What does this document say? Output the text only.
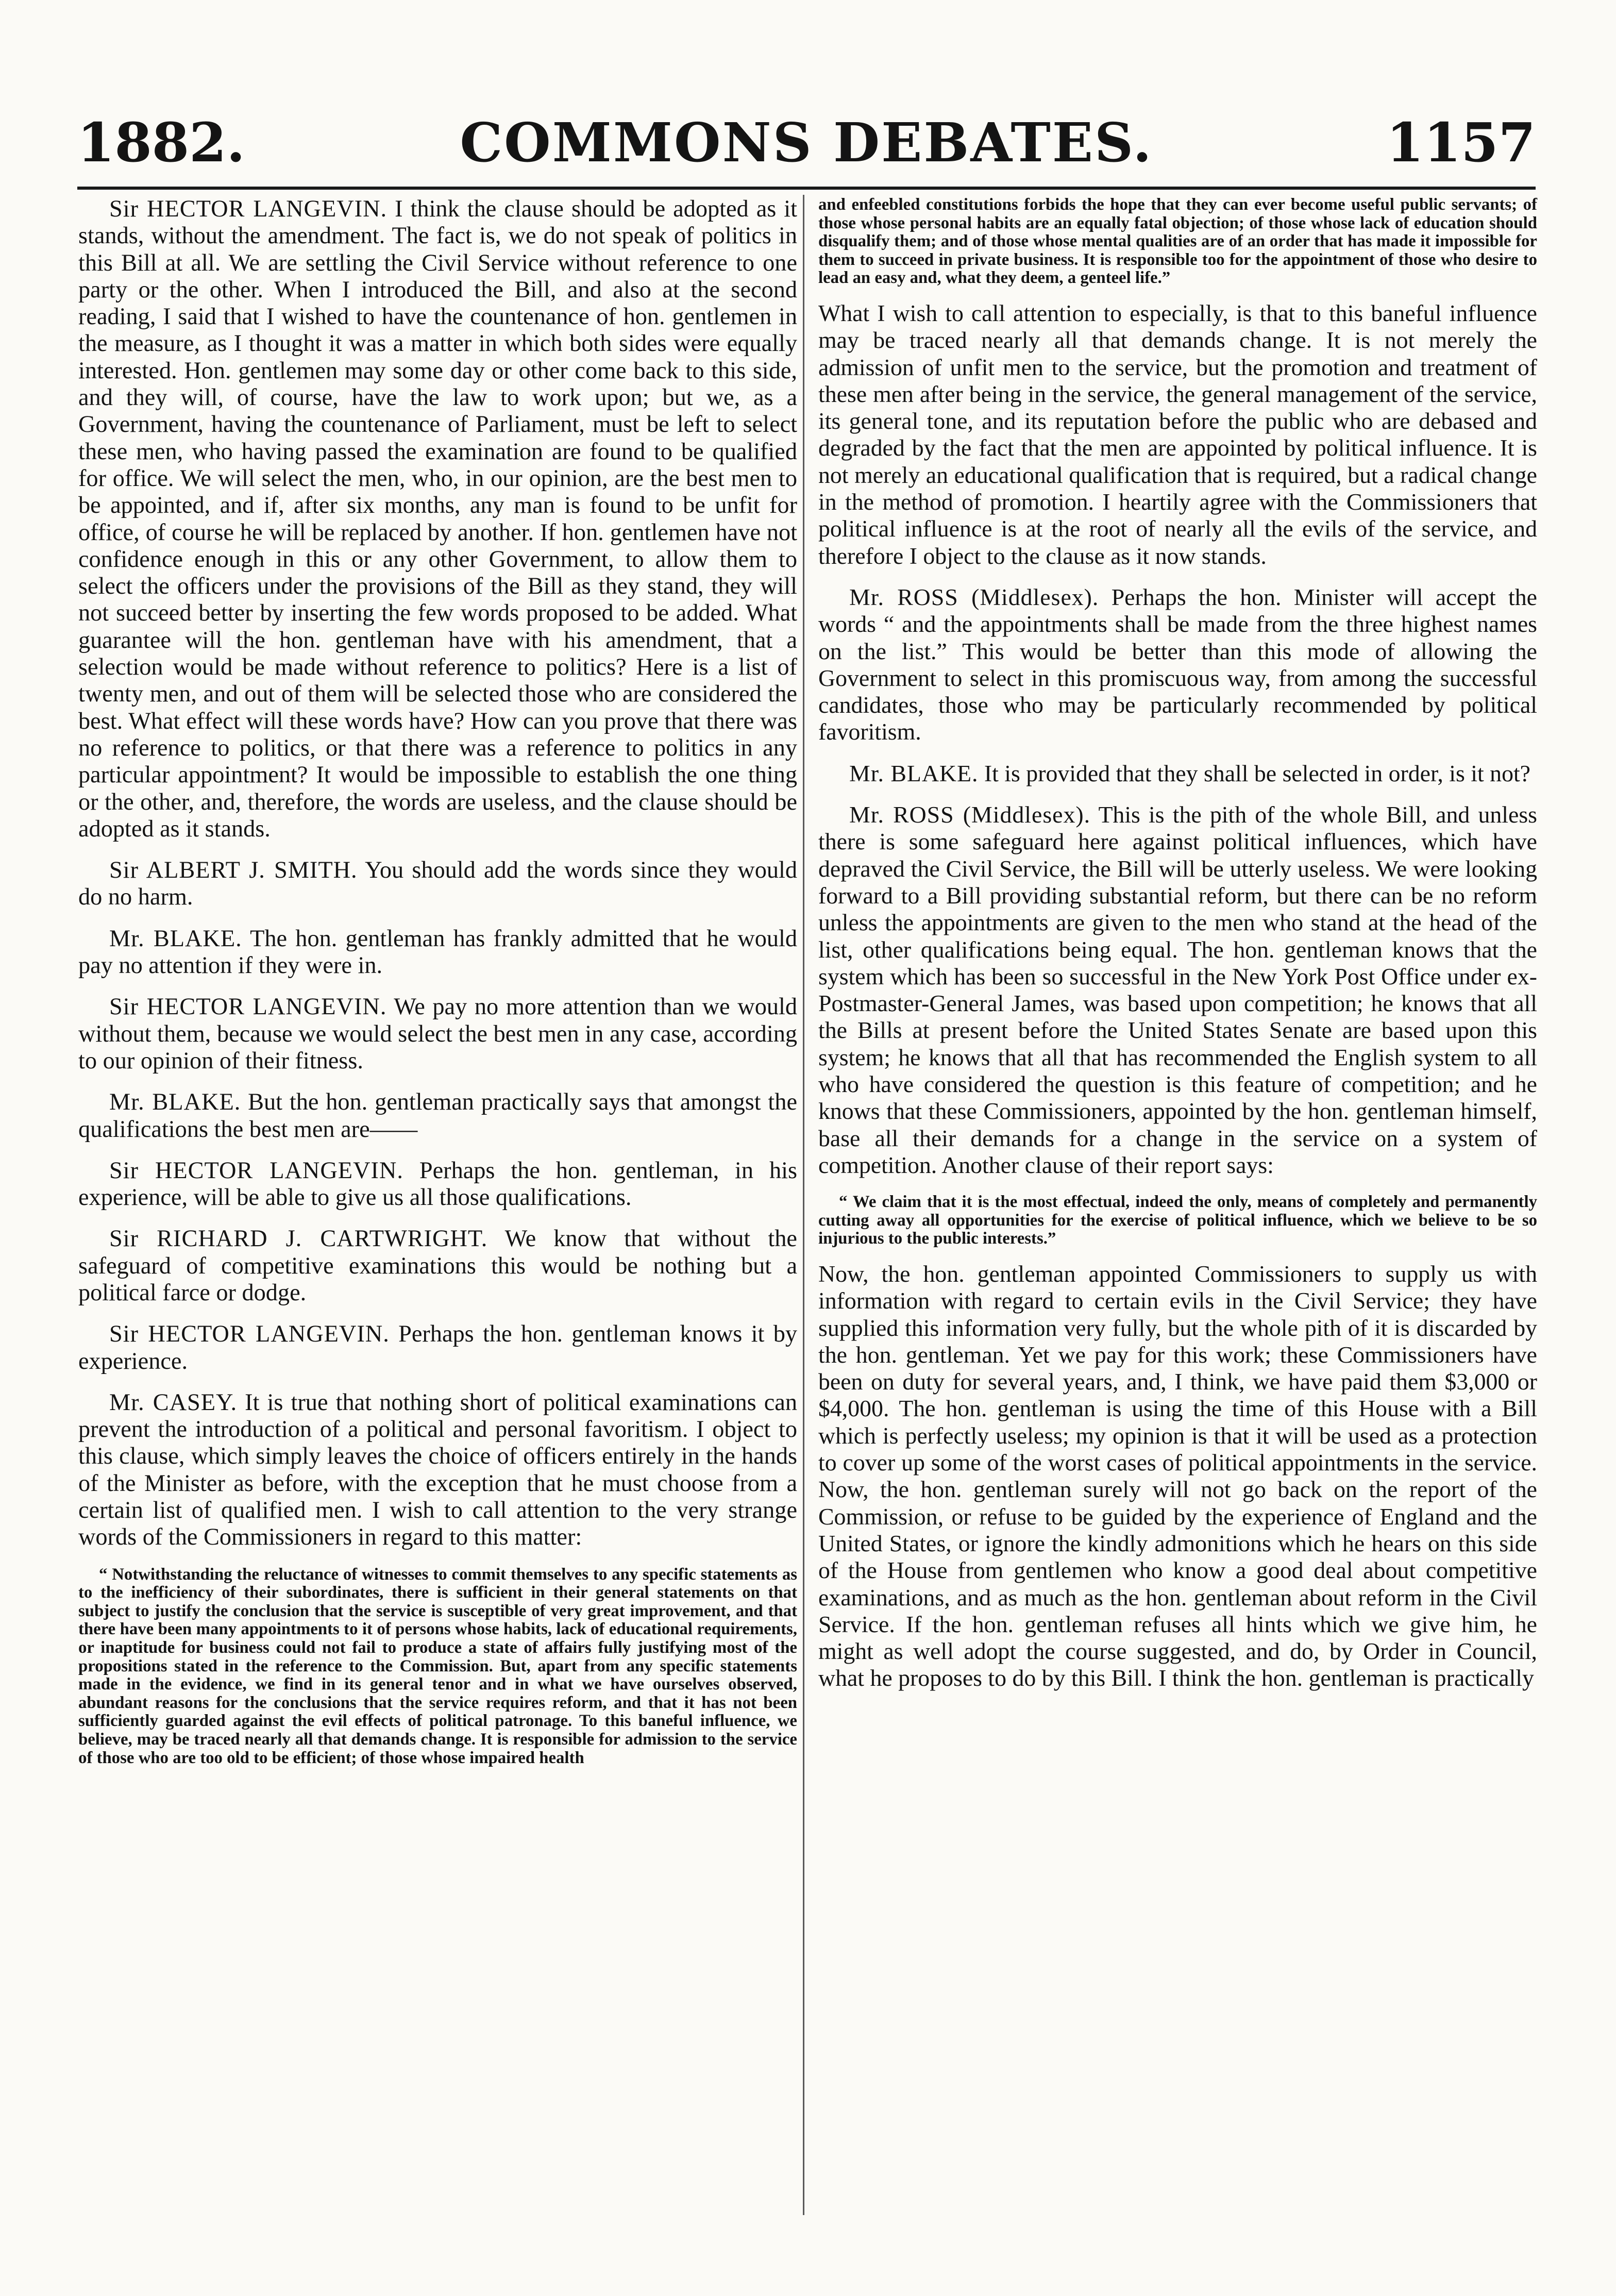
1882.	COMMONS DEBATES.	1157

Sir HECTOR LANGEVIN. I think the clause should be adopted as it stands, without the amendment. The fact is, we do not speak of politics in this Bill at all. We are settling the Civil Service without reference to one party or the other. When I introduced the Bill, and also at the second reading, I said that I wished to have the countenance of hon. gentlemen in the measure, as I thought it was a matter in which both sides were equally interested. Hon. gentlemen may some day or other come back to this side, and they will, of course, have the law to work upon; but we, as a Government, having the countenance of Parliament, must be left to select these men, who having passed the examination are found to be qualified for office. We will select the men, who, in our opinion, are the best men to be appointed, and if, after six months, any man is found to be unfit for office, of course he will be replaced by another. If hon. gentlemen have not confidence enough in this or any other Government, to allow them to select the officers under the provisions of the Bill as they stand, they will not succeed better by inserting the few words proposed to be added. What guarantee will the hon. gentleman have with his amendment, that a selection would be made without reference to politics? Here is a list of twenty men, and out of them will be selected those who are considered the best. What effect will these words have? How can you prove that there was no reference to politics, or that there was a reference to politics in any particular appointment? It would be impossible to establish the one thing or the other, and, therefore, the words are useless, and the clause should be adopted as it stands.

Sir ALBERT J. SMITH. You should add the words since they would do no harm.

Mr. BLAKE. The hon. gentleman has frankly admitted that he would pay no attention if they were in.

Sir HECTOR LANGEVIN. We pay no more attention than we would without them, because we would select the best men in any case, according to our opinion of their fitness.

Mr. BLAKE. But the hon. gentleman practically says that amongst the qualifications the best men are——

Sir HECTOR LANGEVIN. Perhaps the hon. gentleman, in his experience, will be able to give us all those qualifications.

Sir RICHARD J. CARTWRIGHT. We know that without the safeguard of competitive examinations this would be nothing but a political farce or dodge.

Sir HECTOR LANGEVIN. Perhaps the hon. gentleman knows it by experience.

Mr. CASEY. It is true that nothing short of political examinations can prevent the introduction of a political and personal favoritism. I object to this clause, which simply leaves the choice of officers entirely in the hands of the Minister as before, with the exception that he must choose from a certain list of qualified men. I wish to call attention to the very strange words of the Commissioners in regard to this matter:

“ Notwithstanding the reluctance of witnesses to commit themselves to any specific statements as to the inefficiency of their subordinates, there is sufficient in their general statements on that subject to justify the conclusion that the service is susceptible of very great improvement, and that there have been many appointments to it of persons whose habits, lack of educational requirements, or inaptitude for business could not fail to produce a state of affairs fully justifying most of the propositions stated in the reference to the Commission. But, apart from any specific statements made in the evidence, we find in its general tenor and in what we have ourselves observed, abundant reasons for the conclusions that the service requires reform, and that it has not been sufficiently guarded against the evil effects of political patronage. To this baneful influence, we believe, may be traced nearly all that demands change. It is responsible for admission to the service of those who are too old to be efficient; of those whose impaired health

and enfeebled constitutions forbids the hope that they can ever become useful public servants; of those whose personal habits are an equally fatal objection; of those whose lack of education should disqualify them; and of those whose mental qualities are of an order that has made it impossible for them to succeed in private business. It is responsible too for the appointment of those who desire to lead an easy and, what they deem, a genteel life.”

What I wish to call attention to especially, is that to this baneful influence may be traced nearly all that demands change. It is not merely the admission of unfit men to the service, but the promotion and treatment of these men after being in the service, the general management of the service, its general tone, and its reputation before the public who are debased and degraded by the fact that the men are appointed by political influence. It is not merely an educational qualification that is required, but a radical change in the method of promotion. I heartily agree with the Commissioners that political influence is at the root of nearly all the evils of the service, and therefore I object to the clause as it now stands.

Mr. ROSS (Middlesex). Perhaps the hon. Minister will accept the words “ and the appointments shall be made from the three highest names on the list.” This would be better than this mode of allowing the Government to select in this promiscuous way, from among the successful candidates, those who may be particularly recommended by political favoritism.

Mr. BLAKE. It is provided that they shall be selected in order, is it not?

Mr. ROSS (Middlesex). This is the pith of the whole Bill, and unless there is some safeguard here against political influences, which have depraved the Civil Service, the Bill will be utterly useless. We were looking forward to a Bill providing substantial reform, but there can be no reform unless the appointments are given to the men who stand at the head of the list, other qualifications being equal. The hon. gentleman knows that the system which has been so successful in the New York Post Office under ex-Postmaster-General James, was based upon competition; he knows that all the Bills at present before the United States Senate are based upon this system; he knows that all that has recommended the English system to all who have considered the question is this feature of competition; and he knows that these Commissioners, appointed by the hon. gentleman himself, base all their demands for a change in the service on a system of competition. Another clause of their report says:

“ We claim that it is the most effectual, indeed the only, means of completely and permanently cutting away all opportunities for the exercise of political influence, which we believe to be so injurious to the public interests.”

Now, the hon. gentleman appointed Commissioners to supply us with information with regard to certain evils in the Civil Service; they have supplied this information very fully, but the whole pith of it is discarded by the hon. gentleman. Yet we pay for this work; these Commissioners have been on duty for several years, and, I think, we have paid them $3,000 or $4,000. The hon. gentleman is using the time of this House with a Bill which is perfectly useless; my opinion is that it will be used as a protection to cover up some of the worst cases of political appointments in the service. Now, the hon. gentleman surely will not go back on the report of the Commission, or refuse to be guided by the experience of England and the United States, or ignore the kindly admonitions which he hears on this side of the House from gentlemen who know a good deal about competitive examinations, and as much as the hon. gentleman about reform in the Civil Service. If the hon. gentleman refuses all hints which we give him, he might as well adopt the course suggested, and do, by Order in Council, what he proposes to do by this Bill. I think the hon. gentleman is practically
